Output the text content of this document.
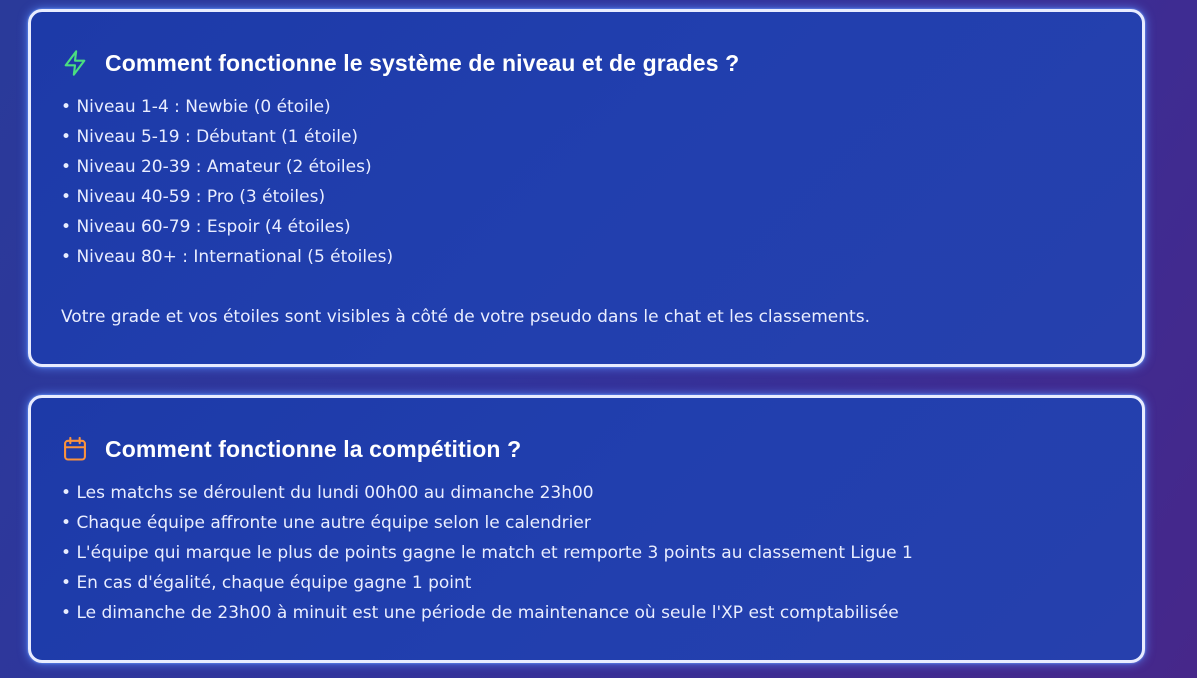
Comment fonctionne le système de niveau et de grades ?
• Niveau 1-4 : Newbie (0 étoile)
• Niveau 5-19 : Débutant (1 étoile)
• Niveau 20-39 : Amateur (2 étoiles)
• Niveau 40-59 : Pro (3 étoiles)
• Niveau 60-79 : Espoir (4 étoiles)
• Niveau 80+ : International (5 étoiles)

Votre grade et vos étoiles sont visibles à côté de votre pseudo dans le chat et les classements.

Comment fonctionne la compétition ?
• Les matchs se déroulent du lundi 00h00 au dimanche 23h00
• Chaque équipe affronte une autre équipe selon le calendrier
• L'équipe qui marque le plus de points gagne le match et remporte 3 points au classement Ligue 1
• En cas d'égalité, chaque équipe gagne 1 point
• Le dimanche de 23h00 à minuit est une période de maintenance où seule l'XP est comptabilisée
